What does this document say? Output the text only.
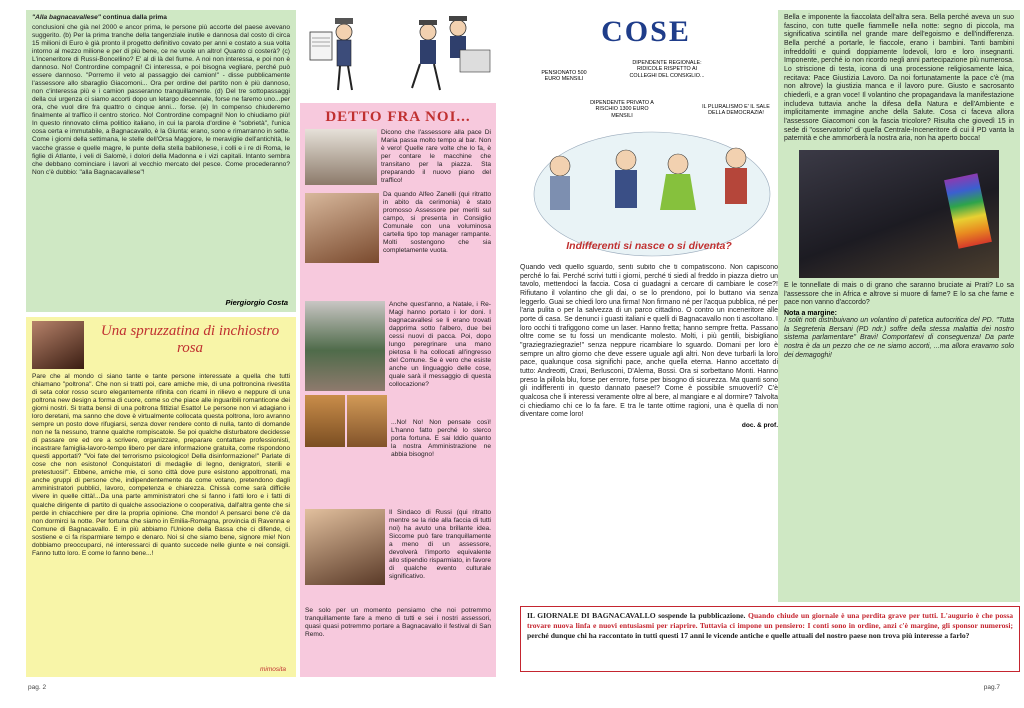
"Alla bagnacavallese" continua dalla prima
conclusioni che già nel 2000 e ancor prima, le persone più accorte del paese avevano suggerito. (b) Per la prima tranche della tangenziale inutile e dannosa dal costo di circa 15 milioni di Euro è già pronto il progetto definitivo covato per anni e costato a sua volta intorno al mezzo milione e per di più bene, ce ne vuole un altro! Quanto ci costerà? (c) L'inceneritore di Russi-Boncellino? E' al di là del fiume. A noi non interessa, e poi non è dannoso. No! Contrordine compagni! Ci interessa, e poi bisogna vegliare, perché può essere dannoso. "Porremo il veto al passaggio dei camion!" - disse pubblicamente l'assessore allo sbaraglio Giacomoni... Ora per ordine del partito non è più dannoso, non c'interessa più e i camion passeranno tranquillamente. (d) Del tre sottopassaggi della cui urgenza ci siamo accorti dopo un letargo decennale, forse ne faremo uno...per ora, che vuol dire fra quattro o cinque anni... forse. (e) In compenso chiuderemo finalmente al traffico il centro storico. No! Contrordine compagni! Non lo chiudiamo più! In questo rinnovato clima politico italiano, in cui la parola d'ordine è "sobrietà", l'unica cosa certa e immutabile, a Bagnacavallo, è la Giunta: erano, sono e rimarranno in sette. Come i giorni della settimana, le stelle dell'Orsa Maggiore, le meraviglie dell'antichità, le vacche grasse e quelle magre, le punte della stella babilonese, i colli e i re di Roma, le figlie di Atlante, i veli di Salomè, i dolori della Madonna e i vizi capitali. Intanto sembra che debbano cominciare i lavori al vecchio mercato del pesce. Come procederanno? Non c'è dubbio: "alla Bagnacavallese"!
Piergiorgio Costa
DETTO FRA NOI...
Dicono che l'assessore alla pace Di Maria passa molto tempo al bar. Non è vero! Quelle rare volte che lo fa, è per contare le macchine che transitano per la piazza. Sta preparando il nuovo piano del traffico!
Da quando Alfeo Zanelli (qui ritratto in abito da cerimonia) è stato promosso Assessore per meriti sul campo, si presenta in Consiglio Comunale con una voluminosa cartella tipo top manager rampante. Molti sostengono che sia completamente vuota.
Anche quest'anno, a Natale, i Re-Magi hanno portato i lor doni. I bagnacavallesi se li erano trovati dapprima sotto l'albero, due bei cessi nuovi di pacca. Poi, dopo lungo peregrinare una mano pietosa li ha collocati all'ingresso del Comune. Se è vero che esiste anche un linguaggio delle cose, quale sarà il messaggio di questa collocazione?
...No! No! Non pensate così! L'hanno fatto perché lo sterco porta fortuna. E sai Iddio quanto la nostra Amministrazione ne abbia bisogno!
Il Sindaco di Russi (qui ritratto mentre se la ride alla faccia di tutti noi) ha avuto una brillante idea. Siccome può fare tranquillamente a meno di un assessore, devolverà l'importo equivalente allo stipendio risparmiato, in favore di qualche evento culturale significativo.
Se solo per un momento pensiamo che noi potremmo tranquillamente fare a meno di tutti e sei i nostri assessori, quasi quasi potremmo portare a Bagnacavallo il festival di San Remo.
Una spruzzatina di inchiostro rosa
Pare che al mondo ci siano tante e tante persone interessate a quella che tutti chiamano "poltrona". Che non si tratti poi, care amiche mie, di una poltroncina rivestita di seta color rosso scuro elegantemente rifinita con ricami in rilievo e neppure di una poltrona new design a forma di cuore, come so che piace alle inguaribili romanticone dei giorni nostri. Si tratta bensì di una poltrona fittizia! Esatto! Le persone non vi adagiano i loro deretani, ma sanno che dove è virtualmente collocata questa poltrona, loro avranno sempre un posto dove rifugiarsi, senza dover rendere conto di nulla, tanto di domande non ne fa nessuno, tranne qualche rompiscatole. Se poi qualche disturbatore decidesse di passare ore ed ore a scrivere, organizzare, preparare contattare professionisti, incastrare famiglia-lavoro-tempo libero per dare informazione gratuita, come rispondono questi apportati? "Voi fate del terrorismo psicologico! Della disinformazione!" Parlate di cose che non esistono! Conquistatori di medaglie di legno, denigratori, sterili e pretestuosi!". Ebbene, amiche mie, ci sono città dove pure esistono appoltronati, ma anche gruppi di persone che, indipendentemente da come votano, pretendono dagli amministratori pubblici, lavoro, competenza e chiarezza. Chissà come sarà difficile vivere in quelle città!...Da una parte amministratori che si fanno i fatti loro e i fatti di qualche dirigente di partito di qualche associazione o cooperativa, dall'altra gente che si perde in chiacchiere per dire la propria opinione. Che mondo! A pensarci bene c'è da non dormirci la notte. Per fortuna che siamo in Emilia-Romagna, provincia di Ravenna e Comune di Bagnacavallo. E in più abbiamo l'Unione della Bassa che ci difende, ci sostiene e ci fa risparmiare tempo e denaro. Noi sì che siamo bene, signore mie! Non dobbiamo preoccuparci, né interessarci di quanto succede nelle giunte e nei consigli. Fanno tutto loro. E come lo fanno bene...!
mimosita
pag. 2
COSE
PENSIONATO 500 EURO MENSILI
DIPENDENTE REGIONALE: RIDICOLE RISPETTO AI COLLEGHI DEL CONSIGLIO...
DIPENDENTE PRIVATO A RISCHIO 1300 EURO MENSILI
IL PLURALISMO E' IL SALE DELLA DEMOCRAZIA!
Indifferenti si nasce o si diventa?
Quando vedi quello sguardo, senti subito che ti compatiscono. Non capiscono perché lo fai. Perché scrivi tutti i giorni, perché ti siedi al freddo in piazza dietro un tavolo, mettendoci la faccia. Cosa ci guadagni a cercare di cambiare le cose?! Rifiutano il volantino che gli dai, o se lo prendono, poi lo buttano via senza leggerlo. Guai se chiedi loro una firma! Non firmano né per l'acqua pubblica, né per l'aria pulita o per la salvezza di un parco cittadino. O contro un inceneritore alle porte di casa. Se denunci i guasti italiani e quelli di Bagnacavallo non ti ascoltano. I loro occhi ti trafiggono come un laser. Hanno fretta; hanno sempre fretta. Passano oltre come se tu fossi un mendicante molesto. Molti, i più gentili, bisbigliano "graziegraziegrazie!" senza neppure ricambiare lo sguardo. Domani per loro è sempre un altro giorno che deve essere uguale agli altri. Non deve turbarli la loro pace, qualunque cosa significhi pace, anche quella eterna. Hanno accettato di tutto: Andreotti, Craxi, Berlusconi, D'Alema, Bossi. Ora si sorbettano Monti. Hanno preso la pillola blu, forse per errore, forse per bisogno di sicurezza. Ma quanti sono gli indifferenti in questo dannato paese!? Come è possibile smuoverli? C'è qualcosa che li interessi veramente oltre al bere, al mangiare e al dormire? Talvolta ci chiediamo chi ce lo fa fare. E tra le tante ottime ragioni, una è quella di non diventare come loro!
doc. & prof.
Bella e imponente la fiaccolata dell'altra sera. Bella perché aveva un suo fascino, con tutte quelle fiammelle nella notte: segno di piccola, ma significativa scintilla nel grande mare dell'egoismo e dell'indifferenza. Bella perché a portarle, le fiaccole, erano i bambini. Tanti bambini infreddoliti e quindi doppiamente lodevoli, loro e loro insegnanti. Imponente, perché io non ricordo negli anni partecipazione più numerosa. Lo striscione di testa, icona di una processione religiosamente laica, recitava: Pace Giustizia Lavoro. Da noi fortunatamente la pace c'è (ma non altrove) la giustizia manca e il lavoro pure. Giusto e sacrosanto chiederli, e a gran voce! Il volantino che propagandava la manifestazione includeva tuttavia anche la difesa della Natura e dell'Ambiente e implicitamente immagine anche della Salute. Cosa ci faceva allora l'assessore Giacomoni con la fascia tricolore? Risulta che giovedì 15 in sede di "osservatorio" di quella Centrale-Inceneritore di cui il PD vanta la paternità e che ammorberà la nostra aria, non ha aperto bocca!
E le tonnellate di mais o di grano che saranno bruciate ai Prati? Lo sa l'assessore che in Africa e altrove si muore di fame? E lo sa che fame e pace non vanno d'accordo?
Nota a margine:
I soliti noti distribuivano un volantino di patetica autocritica del PD. "Tutta la Segreteria Bersani (PD ndr.) soffre della stessa malattia dei nostro sistema parlamentare" Bravi! Comportatevi di conseguenza! Da parte nostra è da un pezzo che ce ne siamo accorti, ...ma allora eravamo solo dei demagoghi!
IL GIORNALE DI BAGNACAVALLO sospende la pubblicazione. Quando chiude un giornale è una perdita grave per tutti. L'augurio è che possa trovare nuova linfa e nuovi entusiasmi per riaprire. Tuttavia ci impone un pensiero: I conti sono in ordine, anzi c'è margine, gli sponsor numerosi; perché dunque chi ha raccontato in tutti questi 17 anni le vicende antiche e quelle attuali del nostro paese non trova più interesse a farlo?
pag.7
